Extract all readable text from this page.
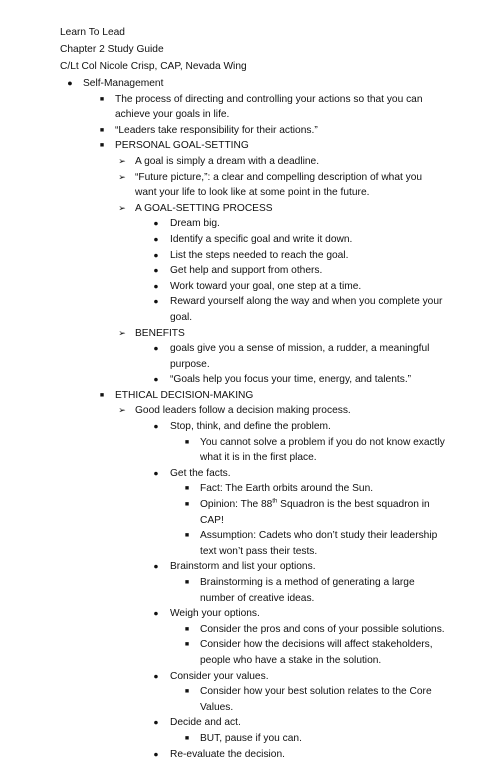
Learn To Lead
Chapter 2 Study Guide
C/Lt Col Nicole Crisp, CAP, Nevada Wing
●	Self-Management
■	The process of directing and controlling your actions so that you can achieve your goals in life.
■	“Leaders take responsibility for their actions.”
■	PERSONAL GOAL-SETTING
➢ A goal is simply a dream with a deadline.
➢ “Future picture,”: a clear and compelling description of what you want your life to look like at some point in the future.
➢ A GOAL-SETTING PROCESS
●	Dream big.
●	Identify a specific goal and write it down.
●	List the steps needed to reach the goal.
●	Get help and support from others.
●	Work toward your goal, one step at a time.
●	Reward yourself along the way and when you complete your goal.
➢ BENEFITS
●	goals give you a sense of mission, a rudder, a meaningful purpose.
●	“Goals help you focus your time, energy, and talents.”
■	ETHICAL DECISION-MAKING
➢ Good leaders follow a decision making process.
●	Stop, think, and define the problem.
■	You cannot solve a problem if you do not know exactly what it is in the first place.
●	Get the facts.
■	Fact: The Earth orbits around the Sun.
■	Opinion: The 88th Squadron is the best squadron in CAP!
■	Assumption: Cadets who don’t study their leadership text won’t pass their tests.
●	Brainstorm and list your options.
■	Brainstorming is a method of generating a large number of creative ideas.
●	Weigh your options.
■	Consider the pros and cons of your possible solutions.
■	Consider how the decisions will affect stakeholders, people who have a stake in the solution.
●	Consider your values.
■	Consider how your best solution relates to the Core Values.
●	Decide and act.
■	BUT, pause if you can.
●	Re-evaluate the decision.
